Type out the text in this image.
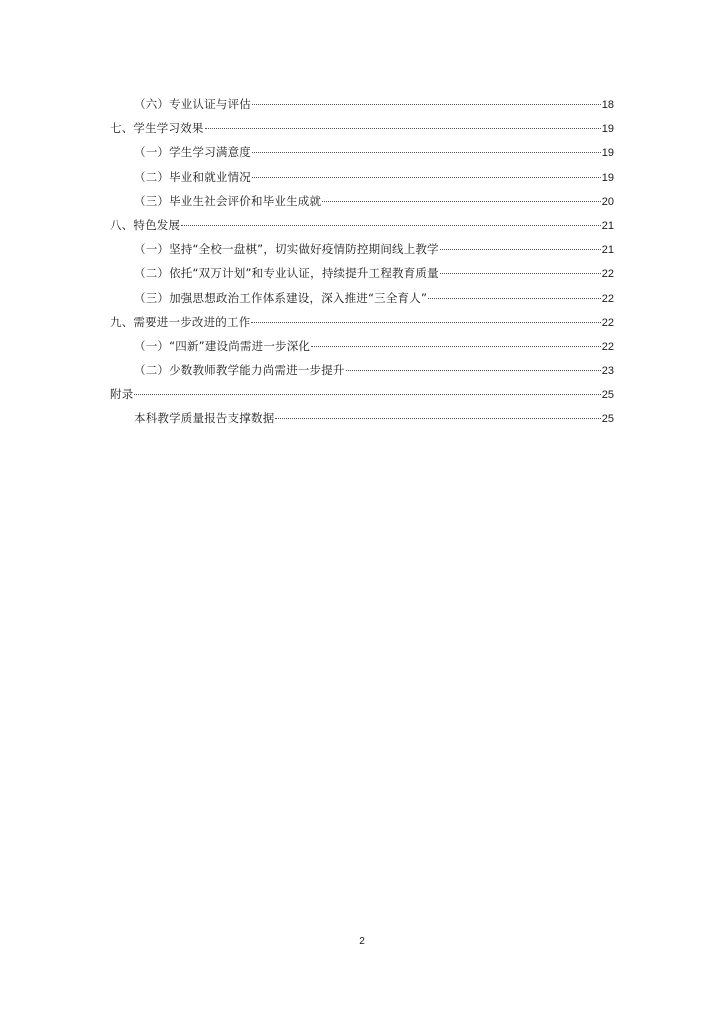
（六）专业认证与评估	18
七、学生学习效果	19
（一）学生学习满意度	19
（二）毕业和就业情况	19
（三）毕业生社会评价和毕业生成就	20
八、特色发展	21
（一）坚持“全校一盘棋”，切实做好疫情防控期间线上教学	21
（二）依托“双万计划”和专业认证，持续提升工程教育质量	22
（三）加强思想政治工作体系建设，深入推进“三全育人”	22
九、需要进一步改进的工作	22
（一）“四新”建设尚需进一步深化	22
（二）少数教师教学能力尚需进一步提升	23
附录	25
本科教学质量报告支撑数据	25
2
